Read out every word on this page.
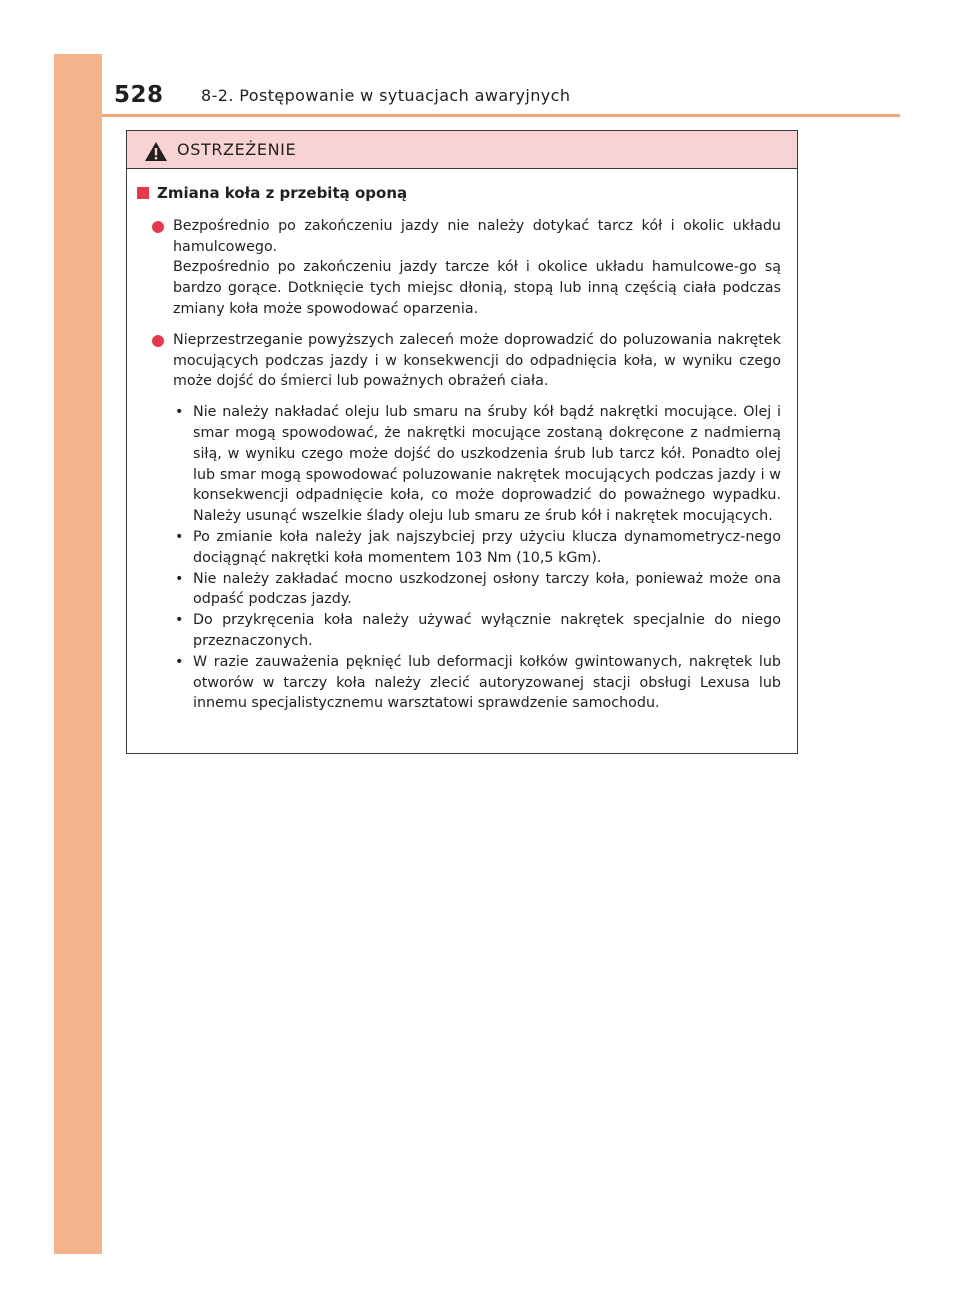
528 8-2. Postępowanie w sytuacjach awaryjnych
OSTRZEŻENIE
Zmiana koła z przebitą oponą

Bezpośrednio po zakończeniu jazdy nie należy dotykać tarcz kół i okolic układu hamulcowego.

Bezpośrednio po zakończeniu jazdy tarcze kół i okolice układu hamulcowe-go są bardzo gorące. Dotknięcie tych miejsc dłonią, stopą lub inną częścią ciała podczas zmiany koła może spowodować oparzenia.

Nieprzestrzeganie powyższych zaleceń może doprowadzić do poluzowania nakrętek mocujących podczas jazdy i w konsekwencji do odpadnięcia koła, w wyniku czego może dojść do śmierci lub poważnych obrażeń ciała.

• Nie należy nakładać oleju lub smaru na śruby kół bądź nakrętki mocujące. Olej i smar mogą spowodować, że nakrętki mocujące zostaną dokręcone z nadmierną siłą, w wyniku czego może dojść do uszkodzenia śrub lub tarcz kół. Ponadto olej lub smar mogą spowodować poluzowanie nakrętek mocujących podczas jazdy i w konsekwencji odpadnięcie koła, co może doprowadzić do poważnego wypadku. Należy usunąć wszelkie ślady oleju lub smaru ze śrub kół i nakrętek mocujących.
• Po zmianie koła należy jak najszybciej przy użyciu klucza dynamometrycz-nego dociągnąć nakrętki koła momentem 103 Nm (10,5 kGm).
• Nie należy zakładać mocno uszkodzonej osłony tarczy koła, ponieważ może ona odpaść podczas jazdy.
• Do przykręcenia koła należy używać wyłącznie nakrętek specjalnie do niego przeznaczonych.
• W razie zauważenia pęknięć lub deformacji kołków gwintowanych, nakrętek lub otworów w tarczy koła należy zlecić autoryzowanej stacji obsługi Lexusa lub innemu specjalistycznemu warsztatowi sprawdzenie samochodu.
